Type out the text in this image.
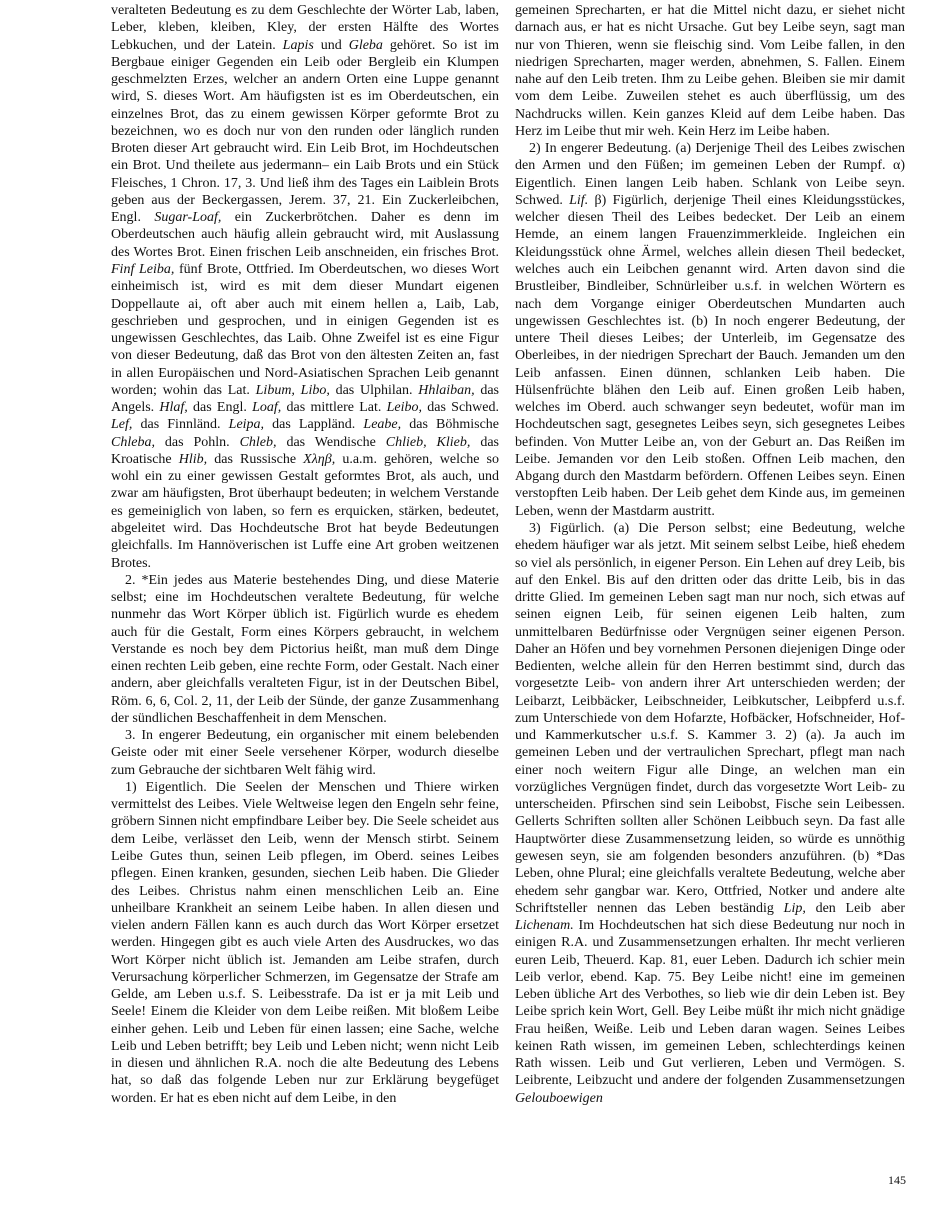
veralteten Bedeutung es zu dem Geschlechte der Wörter Lab, laben, Leber, kleben, kleiben, Kley, der ersten Hälfte des Wortes Lebkuchen, und der Latein. Lapis und Gleba gehöret. So ist im Bergbaue einiger Gegenden ein Leib oder Bergleib ein Klumpen geschmelzten Erzes, welcher an andern Orten eine Luppe genannt wird, S. dieses Wort. Am häufigsten ist es im Oberdeutschen, ein einzelnes Brot, das zu einem gewissen Körper geformte Brot zu bezeichnen, wo es doch nur von den runden oder länglich runden Broten dieser Art gebraucht wird. Ein Leib Brot, im Hochdeutschen ein Brot. Und theilete aus jedermann– ein Laib Brots und ein Stück Fleisches, 1 Chron. 17, 3. Und ließ ihm des Tages ein Laiblein Brots geben aus der Beckergassen, Jerem. 37, 21. Ein Zuckerleibchen, Engl. Sugar-Loaf, ein Zuckerbrötchen. Daher es denn im Oberdeutschen auch häufig allein gebraucht wird, mit Auslassung des Wortes Brot. Einen frischen Leib anschneiden, ein frisches Brot. Finf Leiba, fünf Brote, Ottfried. Im Oberdeutschen, wo dieses Wort einheimisch ist, wird es mit dem dieser Mundart eigenen Doppellaute ai, oft aber auch mit einem hellen a, Laib, Lab, geschrieben und gesprochen, und in einigen Gegenden ist es ungewissen Geschlechtes, das Laib. Ohne Zweifel ist es eine Figur von dieser Bedeutung, daß das Brot von den ältesten Zeiten an, fast in allen Europäischen und Nord-Asiatischen Sprachen Leib genannt worden; wohin das Lat. Libum, Libo, das Ulphilan. Hhlaiban, das Angels. Hlaf, das Engl. Loaf, das mittlere Lat. Leibo, das Schwed. Lef, das Finnländ. Leipa, das Lappländ. Leabe, das Böhmische Chleba, das Pohln. Chleb, das Wendische Chlieb, Klieb, das Kroatische Hlib, das Russische Χληβ, u.a.m. gehören, welche so wohl ein zu einer gewissen Gestalt geformtes Brot, als auch, und zwar am häufigsten, Brot überhaupt bedeuten; in welchem Verstande es gemeiniglich von laben, so fern es erquicken, stärken, bedeutet, abgeleitet wird. Das Hochdeutsche Brot hat beyde Bedeutungen gleichfalls. Im Hannöverischen ist Luffe eine Art groben weitzenen Brotes.

2. *Ein jedes aus Materie bestehendes Ding, und diese Materie selbst; eine im Hochdeutschen veraltete Bedeutung, für welche nunmehr das Wort Körper üblich ist. Figürlich wurde es ehedem auch für die Gestalt, Form eines Körpers gebraucht, in welchem Verstande es noch bey dem Pictorius heißt, man muß dem Dinge einen rechten Leib geben, eine rechte Form, oder Gestalt. Nach einer andern, aber gleichfalls veralteten Figur, ist in der Deutschen Bibel, Röm. 6, 6, Col. 2, 11, der Leib der Sünde, der ganze Zusammenhang der sündlichen Beschaffenheit in dem Menschen.

3. In engerer Bedeutung, ein organischer mit einem belebenden Geiste oder mit einer Seele versehener Körper, wodurch dieselbe zum Gebrauche der sichtbaren Welt fähig wird.

1) Eigentlich. Die Seelen der Menschen und Thiere wirken vermittelst des Leibes. Viele Weltweise legen den Engeln sehr feine, gröbern Sinnen nicht empfindbare Leiber bey. Die Seele scheidet aus dem Leibe, verlässet den Leib, wenn der Mensch stirbt. Seinem Leibe Gutes thun, seinen Leib pflegen, im Oberd. seines Leibes pflegen. Einen kranken, gesunden, siechen Leib haben. Die Glieder des Leibes. Christus nahm einen menschlichen Leib an. Eine unheilbare Krankheit an seinem Leibe haben. In allen diesen und vielen andern Fällen kann es auch durch das Wort Körper ersetzet werden. Hingegen gibt es auch viele Arten des Ausdruckes, wo das Wort Körper nicht üblich ist. Jemanden am Leibe strafen, durch Verursachung körperlicher Schmerzen, im Gegensatze der Strafe am Gelde, am Leben u.s.f. S. Leibesstrafe. Da ist er ja mit Leib und Seele! Einem die Kleider von dem Leibe reißen. Mit bloßem Leibe einher gehen. Leib und Leben für einen lassen; eine Sache, welche Leib und Leben betrifft; bey Leib und Leben nicht; wenn nicht Leib in diesen und ähnlichen R.A. noch die alte Bedeutung des Lebens hat, so daß das folgende Leben nur zur Erklärung beygefüget worden. Er hat es eben nicht auf dem Leibe, in den

gemeinen Sprecharten, er hat die Mittel nicht dazu, er siehet nicht darnach aus, er hat es nicht Ursache. Gut bey Leibe seyn, sagt man nur von Thieren, wenn sie fleischig sind. Vom Leibe fallen, in den niedrigen Sprecharten, mager werden, abnehmen, S. Fallen. Einem nahe auf den Leib treten. Ihm zu Leibe gehen. Bleiben sie mir damit vom dem Leibe. Zuweilen stehet es auch überflüssig, um des Nachdrucks willen. Kein ganzes Kleid auf dem Leibe haben. Das Herz im Leibe thut mir weh. Kein Herz im Leibe haben.

2) In engerer Bedeutung. (a) Derjenige Theil des Leibes zwischen den Armen und den Füßen; im gemeinen Leben der Rumpf. α) Eigentlich. Einen langen Leib haben. Schlank von Leibe seyn. Schwed. Lif. β) Figürlich, derjenige Theil eines Kleidungsstückes, welcher diesen Theil des Leibes bedecket. Der Leib an einem Hemde, an einem langen Frauenzimmerkleide. Ingleichen ein Kleidungsstück ohne Ärmel, welches allein diesen Theil bedecket, welches auch ein Leibchen genannt wird. Arten davon sind die Brustleiber, Bindleiber, Schnürleiber u.s.f. in welchen Wörtern es nach dem Vorgange einiger Oberdeutschen Mundarten auch ungewissen Geschlechtes ist. (b) In noch engerer Bedeutung, der untere Theil dieses Leibes; der Unterleib, im Gegensatze des Oberleibes, in der niedrigen Sprechart der Bauch. Jemanden um den Leib anfassen. Einen dünnen, schlanken Leib haben. Die Hülsenfrüchte blähen den Leib auf. Einen großen Leib haben, welches im Oberd. auch schwanger seyn bedeutet, wofür man im Hochdeutschen sagt, gesegnetes Leibes seyn, sich gesegnetes Leibes befinden. Von Mutter Leibe an, von der Geburt an. Das Reißen im Leibe. Jemanden vor den Leib stoßen. Offnen Leib machen, den Abgang durch den Mastdarm befördern. Offenen Leibes seyn. Einen verstopften Leib haben. Der Leib gehet dem Kinde aus, im gemeinen Leben, wenn der Mastdarm austritt.

3) Figürlich. (a) Die Person selbst; eine Bedeutung, welche ehedem häufiger war als jetzt. Mit seinem selbst Leibe, hieß ehedem so viel als persönlich, in eigener Person. Ein Lehen auf drey Leib, bis auf den Enkel. Bis auf den dritten oder das dritte Leib, bis in das dritte Glied. Im gemeinen Leben sagt man nur noch, sich etwas auf seinen eignen Leib, für seinen eigenen Leib halten, zum unmittelbaren Bedürfnisse oder Vergnügen seiner eigenen Person. Daher an Höfen und bey vornehmen Personen diejenigen Dinge oder Bedienten, welche allein für den Herren bestimmt sind, durch das vorgesetzte Leib- von andern ihrer Art unterschieden werden; der Leibarzt, Leibbäcker, Leibschneider, Leibkutscher, Leibpferd u.s.f. zum Unterschiede von dem Hofarzte, Hofbäcker, Hofschneider, Hof- und Kammerkutscher u.s.f. S. Kammer 3. 2) (a). Ja auch im gemeinen Leben und der vertraulichen Sprechart, pflegt man nach einer noch weitern Figur alle Dinge, an welchen man ein vorzügliches Vergnügen findet, durch das vorgesetzte Wort Leib- zu unterscheiden. Pfirschen sind sein Leibobst, Fische sein Leibessen. Gellerts Schriften sollten aller Schönen Leibbuch seyn. Da fast alle Hauptwörter diese Zusammensetzung leiden, so würde es unnöthig gewesen seyn, sie am folgenden besonders anzuführen. (b) *Das Leben, ohne Plural; eine gleichfalls veraltete Bedeutung, welche aber ehedem sehr gangbar war. Kero, Ottfried, Notker und andere alte Schriftsteller nennen das Leben beständig Lip, den Leib aber Lichenam. Im Hochdeutschen hat sich diese Bedeutung nur noch in einigen R.A. und Zusammensetzungen erhalten. Ihr mecht verlieren euren Leib, Theuerd. Kap. 81, euer Leben. Dadurch ich schier mein Leib verlor, ebend. Kap. 75. Bey Leibe nicht! eine im gemeinen Leben übliche Art des Verbothes, so lieb wie dir dein Leben ist. Bey Leibe sprich kein Wort, Gell. Bey Leibe müßt ihr mich nicht gnädige Frau heißen, Weiße. Leib und Leben daran wagen. Seines Leibes keinen Rath wissen, im gemeinen Leben, schlechterdings keinen Rath wissen. Leib und Gut verlieren, Leben und Vermögen. S. Leibrente, Leibzucht und andere der folgenden Zusammensetzungen Gelouboewigen

145
